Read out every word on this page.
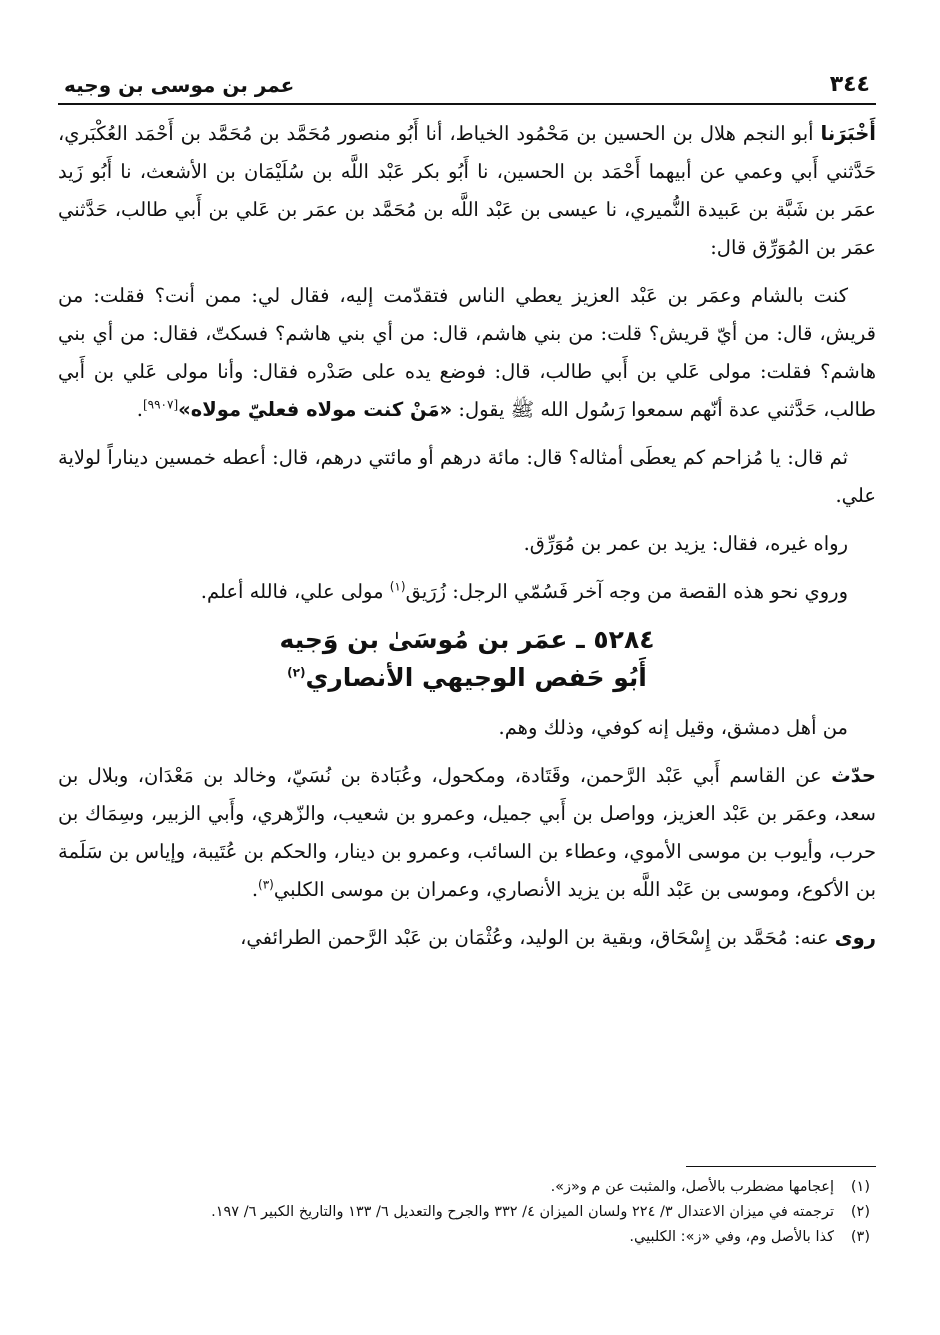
٣٤٤
عمر بن موسى بن وجيه

أَخْبَرَنا أبو النجم هلال بن الحسين بن مَحْمُود الخياط، أنا أَبُو منصور مُحَمَّد بن مُحَمَّد بن أَحْمَد العُكْبَري، حَدَّثني أَبي وعمي عن أبيهما أَحْمَد بن الحسين، نا أَبُو بكر عَبْد اللَّه بن سُلَيْمَان بن الأشعث، نا أَبُو زَيد عمَر بن شَبَّة بن عَبيدة النُّميري، نا عيسى بن عَبْد اللَّه بن مُحَمَّد بن عمَر بن عَلي بن أَبي طالب، حَدَّثني عمَر بن المُوَرِّق قال:

كنت بالشام وعمَر بن عَبْد العزيز يعطي الناس فتقدّمت إليه، فقال لي: ممن أنت؟ فقلت: من قريش، قال: من أيّ قريش؟ قلت: من بني هاشم، قال: من أي بني هاشم؟ فسكتّ، فقال: من أي بني هاشم؟ فقلت: مولى عَلي بن أَبي طالب، قال: فوضع يده على صَدْره فقال: وأنا مولى عَلي بن أَبي طالب، حَدَّثني عدة أنّهم سمعوا رَسُول الله ﷺ يقول: «مَنْ كنت مولاه فعليّ مولاه»[٩٩٠٧].

ثم قال: يا مُزاحم كم يعطَى أمثاله؟ قال: مائة درهم أو مائتي درهم، قال: أعطه خمسين ديناراً لولاية علي.

رواه غيره، فقال: يزيد بن عمر بن مُوَرِّق.

وروي نحو هذه القصة من وجه آخر فَسُمّي الرجل: زُرَيق$^{(١)}$ مولى علي، فالله أعلم.

٥٢٨٤ ـ عمَر بن مُوسَىٰ بن وَجيه
أَبُو حَفص الوجيهي الأنصاري$^{(٢)}$

من أهل دمشق، وقيل إنه كوفي، وذلك وهم.

حدّث عن القاسم أَبي عَبْد الرَّحمن، وقَتَادة، ومكحول، وعُبَادة بن نُسَيّ، وخالد بن مَعْدَان، وبلال بن سعد، وعمَر بن عَبْد العزيز، وواصل بن أَبي جميل، وعمرو بن شعيب، والزّهري، وأَبي الزبير، وسِمَاك بن حرب، وأيوب بن موسى الأموي، وعطاء بن السائب، وعمرو بن دينار، والحكم بن عُتَيبة، وإياس بن سَلَمة بن الأكوع، وموسى بن عَبْد اللَّه بن يزيد الأنصاري، وعمران بن موسى الكلبي$^{(٣)}$.

روى عنه: مُحَمَّد بن إِسْحَاق، وبقية بن الوليد، وعُثْمَان بن عَبْد الرَّحمن الطرائفي،

(١)
إعجامها مضطرب بالأصل، والمثبت عن م و«ز».

(٢)
ترجمته في ميزان الاعتدال ٣/ ٢٢٤ ولسان الميزان ٤/ ٣٣٢ والجرح والتعديل ٦/ ١٣٣ والتاريخ الكبير ٦/ ١٩٧.

(٣)
كذا بالأصل وم، وفي «ز»: الكلبيي.
